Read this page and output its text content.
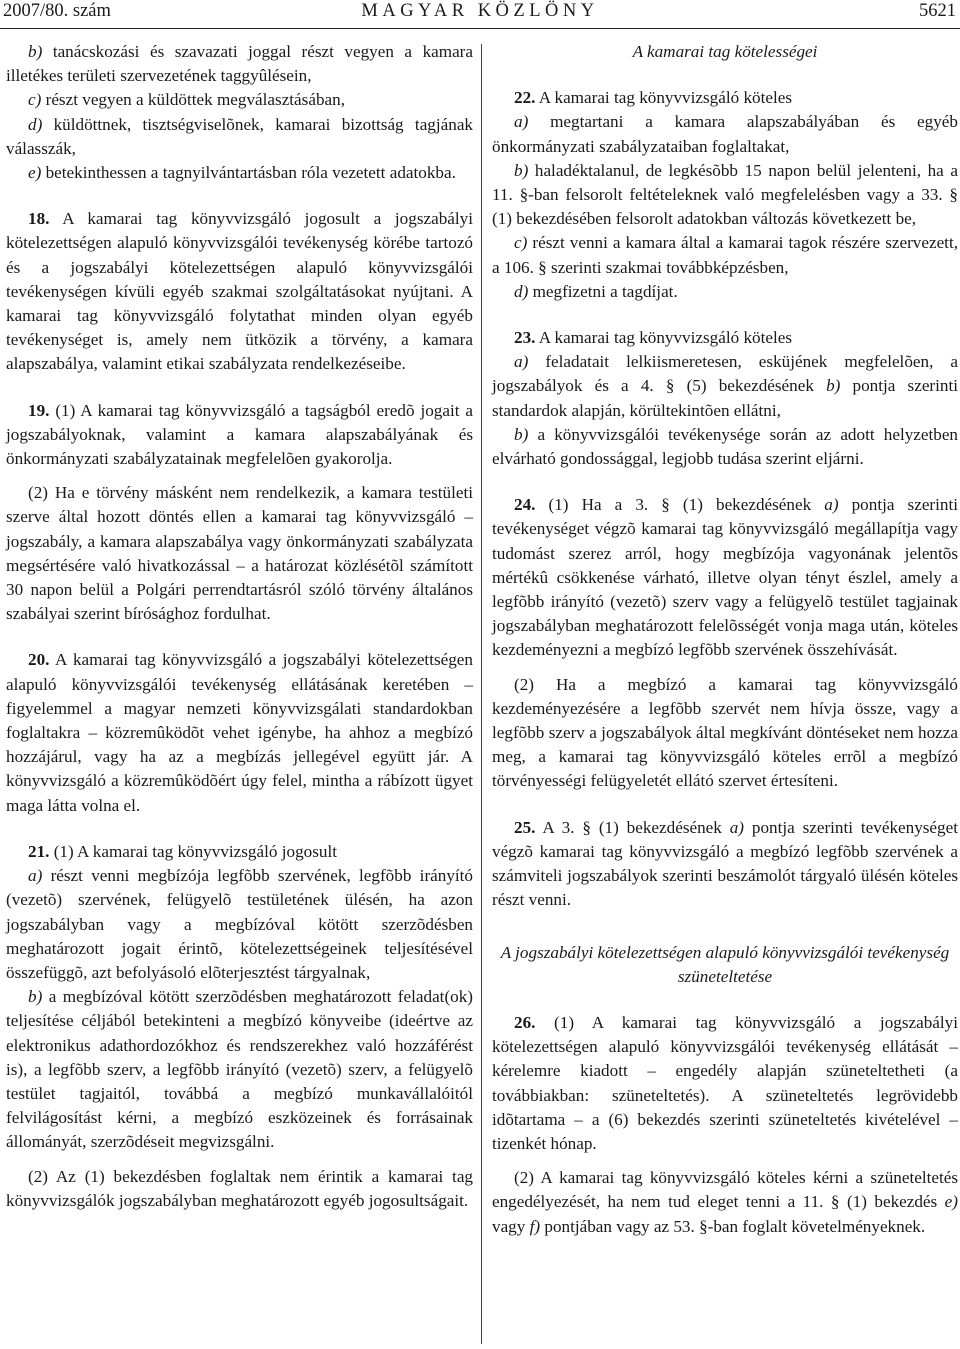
2007/80. szám	MAGYAR KÖZLÖNY	5621

b) tanácskozási és szavazati joggal részt vegyen a kamara illetékes területi szervezetének taggyûlésein,

c) részt vegyen a küldöttek megválasztásában,

d) küldöttnek, tisztségviselõnek, kamarai bizottság tagjának válasszák,

e) betekinthessen a tagnyilvántartásban róla vezetett adatokba.

18. A kamarai tag könyvvizsgáló jogosult a jogszabályi kötelezettségen alapuló könyvvizsgálói tevékenység körébe tartozó és a jogszabályi kötelezettségen alapuló könyvvizsgálói tevékenységen kívüli egyéb szakmai szolgáltatásokat nyújtani. A kamarai tag könyvvizsgáló folytathat minden olyan egyéb tevékenységet is, amely nem ütközik a törvény, a kamara alapszabálya, valamint etikai szabályzata rendelkezéseibe.

19. (1) A kamarai tag könyvvizsgáló a tagságból eredõ jogait a jogszabályoknak, valamint a kamara alapszabályának és önkormányzati szabályzatainak megfelelõen gyakorolja.

(2) Ha e törvény másként nem rendelkezik, a kamara testületi szerve által hozott döntés ellen a kamarai tag könyvvizsgáló – jogszabály, a kamara alapszabálya vagy önkormányzati szabályzata megsértésére való hivatkozással – a határozat közlésétõl számított 30 napon belül a Polgári perrendtartásról szóló törvény általános szabályai szerint bírósághoz fordulhat.

20. A kamarai tag könyvvizsgáló a jogszabályi kötelezettségen alapuló könyvvizsgálói tevékenység ellátásának keretében – figyelemmel a magyar nemzeti könyvvizsgálati standardokban foglaltakra – közremûködõt vehet igénybe, ha ahhoz a megbízó hozzájárul, vagy ha az a megbízás jellegével együtt jár. A könyvvizsgáló a közremûködõért úgy felel, mintha a rábízott ügyet maga látta volna el.

21. (1) A kamarai tag könyvvizsgáló jogosult

a) részt venni megbízója legfõbb szervének, legfõbb irányító (vezetõ) szervének, felügyelõ testületének ülésén, ha azon jogszabályban vagy a megbízóval kötött szerzõdésben meghatározott jogait érintõ, kötelezettségeinek teljesítésével összefüggõ, azt befolyásoló elõterjesztést tárgyalnak,

b) a megbízóval kötött szerzõdésben meghatározott feladat(ok) teljesítése céljából betekinteni a megbízó könyveibe (ideértve az elektronikus adathordozókhoz és rendszerekhez való hozzáférést is), a legfõbb szerv, a legfõbb irányító (vezetõ) szerv, a felügyelõ testület tagjaitól, továbbá a megbízó munkavállalóitól felvilágosítást kérni, a megbízó eszközeinek és forrásainak állományát, szerzõdéseit megvizsgálni.

(2) Az (1) bekezdésben foglaltak nem érintik a kamarai tag könyvvizsgálók jogszabályban meghatározott egyéb jogosultságait.

A kamarai tag kötelességei

22. A kamarai tag könyvvizsgáló köteles

a) megtartani a kamara alapszabályában és egyéb önkormányzati szabályzataiban foglaltakat,

b) haladéktalanul, de legkésõbb 15 napon belül jelenteni, ha a 11. §-ban felsorolt feltételeknek való megfelelésben vagy a 33. § (1) bekezdésében felsorolt adatokban változás következett be,

c) részt venni a kamara által a kamarai tagok részére szervezett, a 106. § szerinti szakmai továbbképzésben,

d) megfizetni a tagdíjat.

23. A kamarai tag könyvvizsgáló köteles

a) feladatait lelkiismeretesen, esküjének megfelelõen, a jogszabályok és a 4. § (5) bekezdésének b) pontja szerinti standardok alapján, körültekintõen ellátni,

b) a könyvvizsgálói tevékenysége során az adott helyzetben elvárható gondossággal, legjobb tudása szerint eljárni.

24. (1) Ha a 3. § (1) bekezdésének a) pontja szerinti tevékenységet végzõ kamarai tag könyvvizsgáló megállapítja vagy tudomást szerez arról, hogy megbízója vagyonának jelentõs mértékû csökkenése várható, illetve olyan tényt észlel, amely a legfõbb irányító (vezetõ) szerv vagy a felügyelõ testület tagjainak jogszabályban meghatározott felelõsségét vonja maga után, köteles kezdeményezni a megbízó legfõbb szervének összehívását.

(2) Ha a megbízó a kamarai tag könyvvizsgáló kezdeményezésére a legfõbb szervét nem hívja össze, vagy a legfõbb szerv a jogszabályok által megkívánt döntéseket nem hozza meg, a kamarai tag könyvvizsgáló köteles errõl a megbízó törvényességi felügyeletét ellátó szervet értesíteni.

25. A 3. § (1) bekezdésének a) pontja szerinti tevékenységet végzõ kamarai tag könyvvizsgáló a megbízó legfõbb szervének a számviteli jogszabályok szerinti beszámolót tárgyaló ülésén köteles részt venni.

A jogszabályi kötelezettségen alapuló könyvvizsgálói tevékenység szüneteltetése

26. (1) A kamarai tag könyvvizsgáló a jogszabályi kötelezettségen alapuló könyvvizsgálói tevékenység ellátását – kérelemre kiadott – engedély alapján szüneteltetheti (a továbbiakban: szüneteltetés). A szüneteltetés legrövidebb idõtartama – a (6) bekezdés szerinti szüneteltetés kivételével – tizenkét hónap.

(2) A kamarai tag könyvvizsgáló köteles kérni a szüneteltetés engedélyezését, ha nem tud eleget tenni a 11. § (1) bekezdés e) vagy f) pontjában vagy az 53. §-ban foglalt követelményeknek.
